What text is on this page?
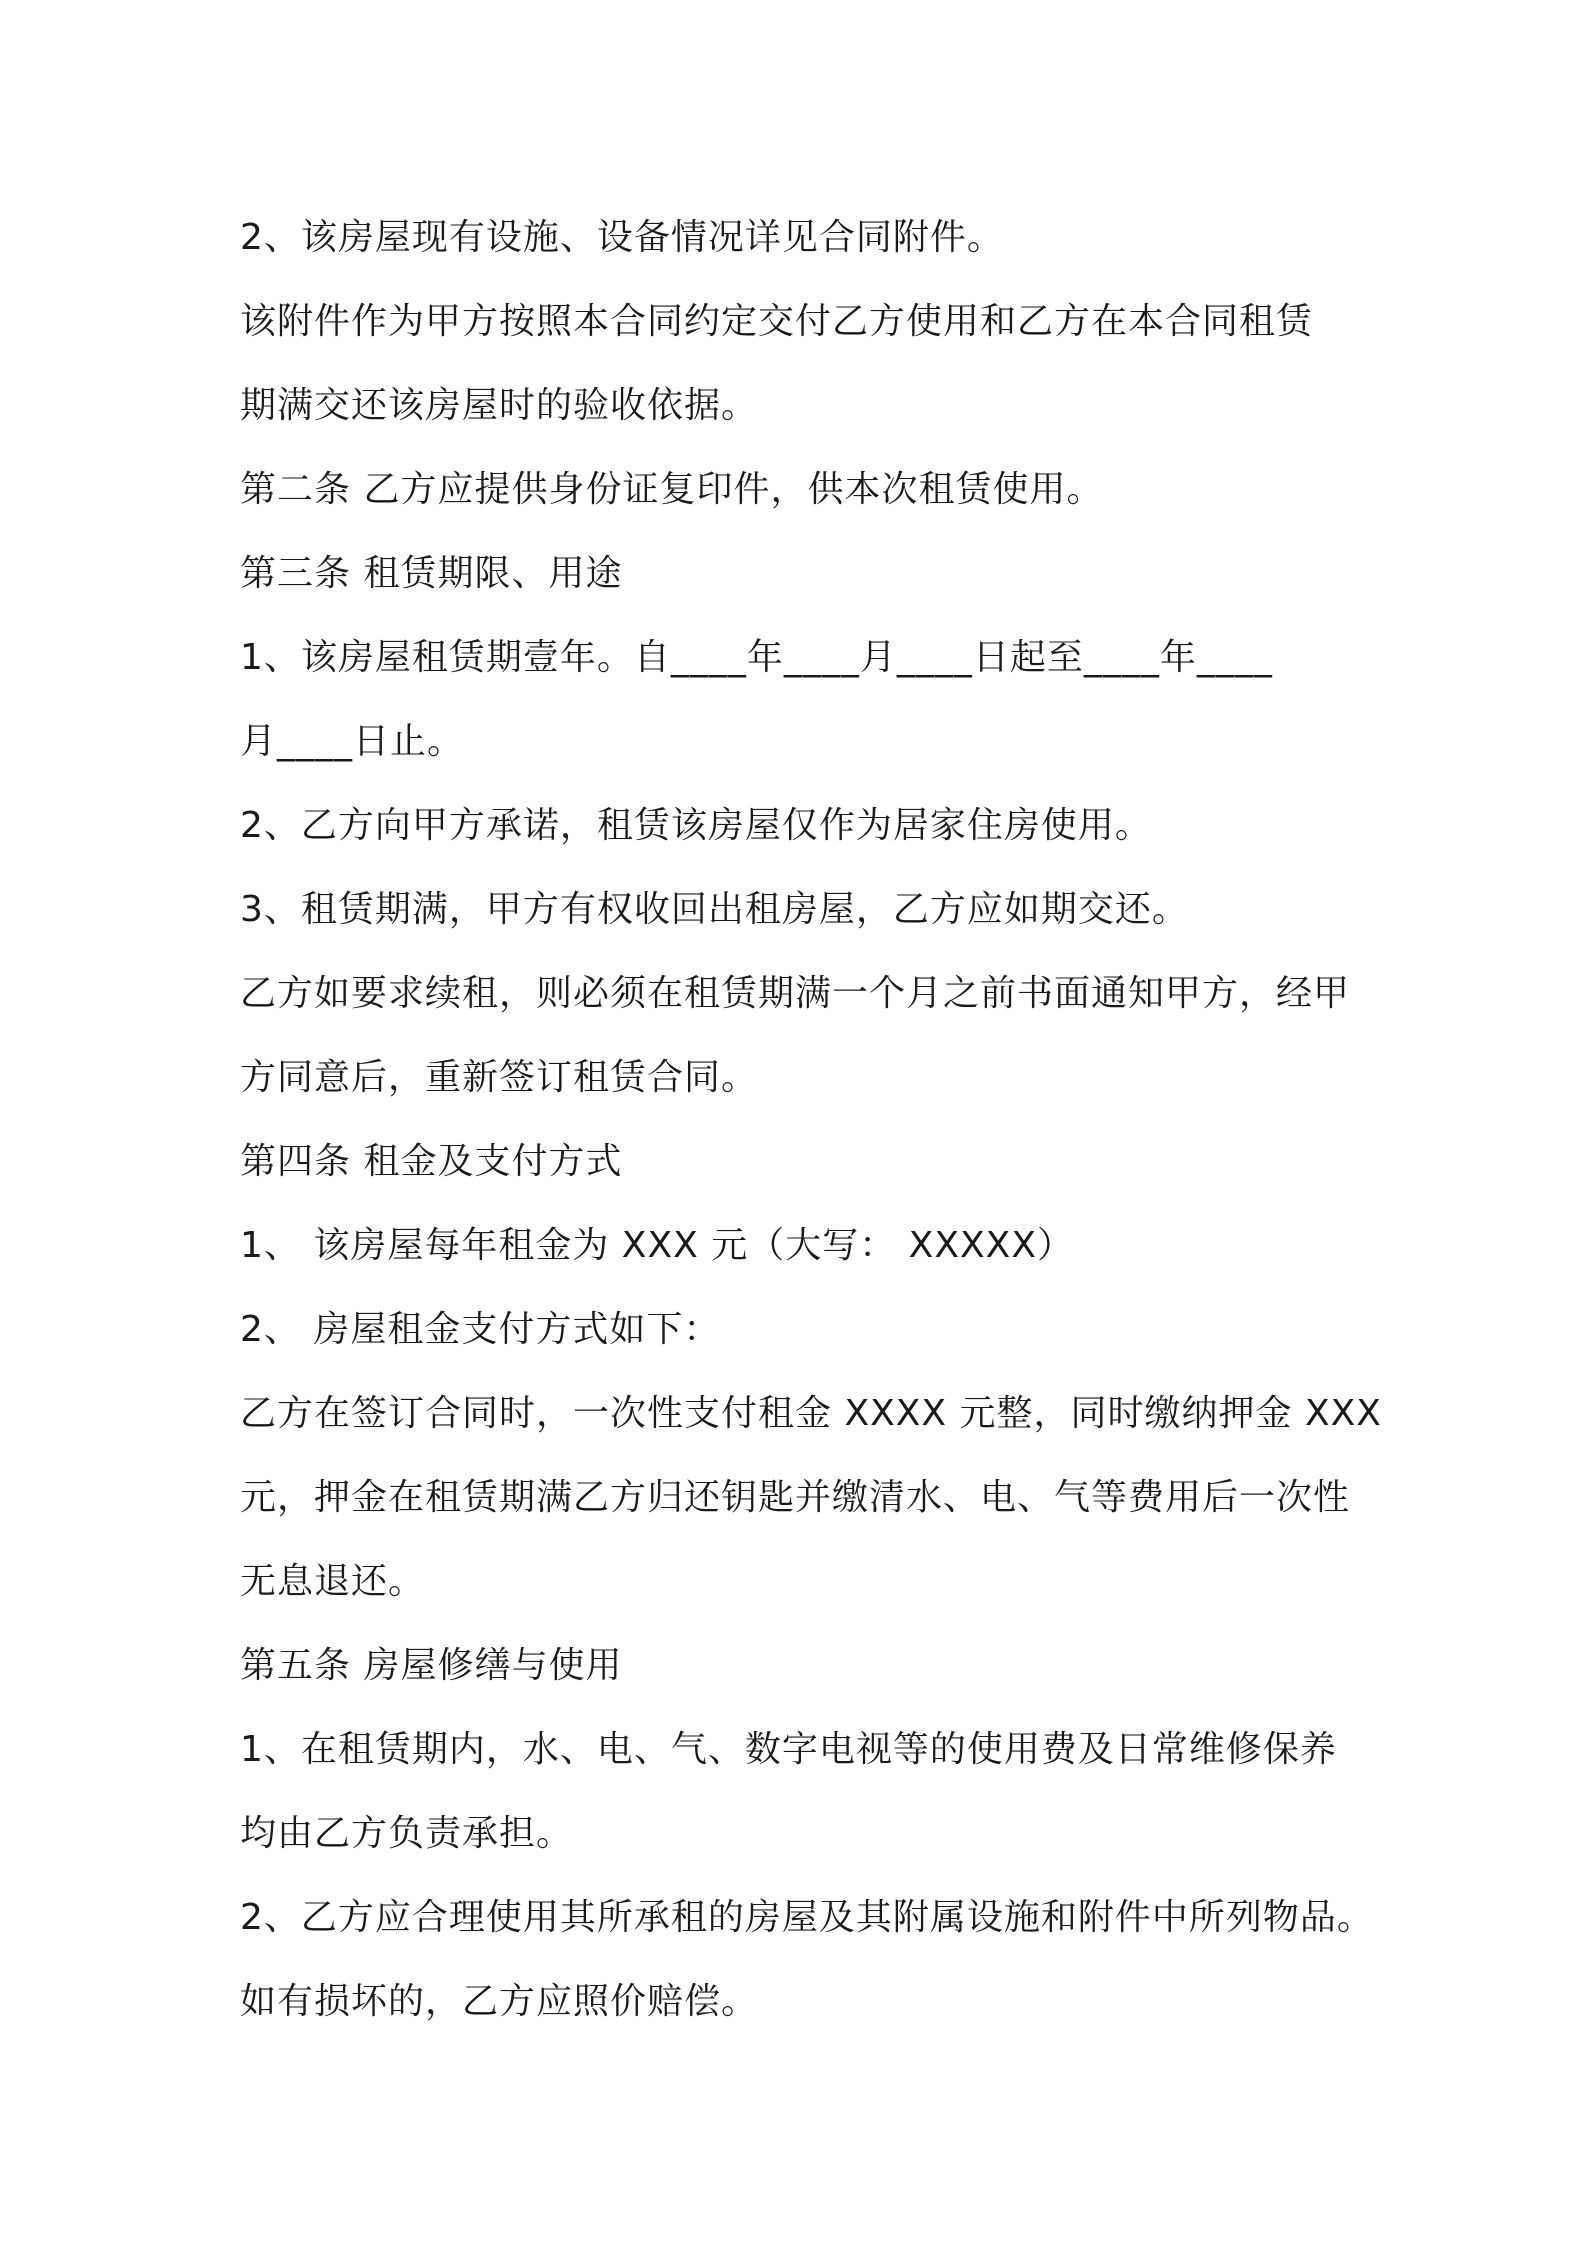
2、该房屋现有设施、设备情况详见合同附件。
该附件作为甲方按照本合同约定交付乙方使用和乙方在本合同租赁
期满交还该房屋时的验收依据。
第二条 乙方应提供身份证复印件，供本次租赁使用。
第三条 租赁期限、用途
1、该房屋租赁期壹年。自____年____月____日起至____年____
月____日止。
2、乙方向甲方承诺，租赁该房屋仅作为居家住房使用。
3、租赁期满，甲方有权收回出租房屋，乙方应如期交还。
乙方如要求续租，则必须在租赁期满一个月之前书面通知甲方，经甲
方同意后，重新签订租赁合同。
第四条 租金及支付方式
1、 该房屋每年租金为 XXX 元（大写： XXXXX）
2、 房屋租金支付方式如下：
乙方在签订合同时，一次性支付租金 XXXX 元整，同时缴纳押金 XXX
元，押金在租赁期满乙方归还钥匙并缴清水、电、气等费用后一次性
无息退还。
第五条 房屋修缮与使用
1、在租赁期内，水、电、气、数字电视等的使用费及日常维修保养
均由乙方负责承担。
2、乙方应合理使用其所承租的房屋及其附属设施和附件中所列物品。
如有损坏的，乙方应照价赔偿。
